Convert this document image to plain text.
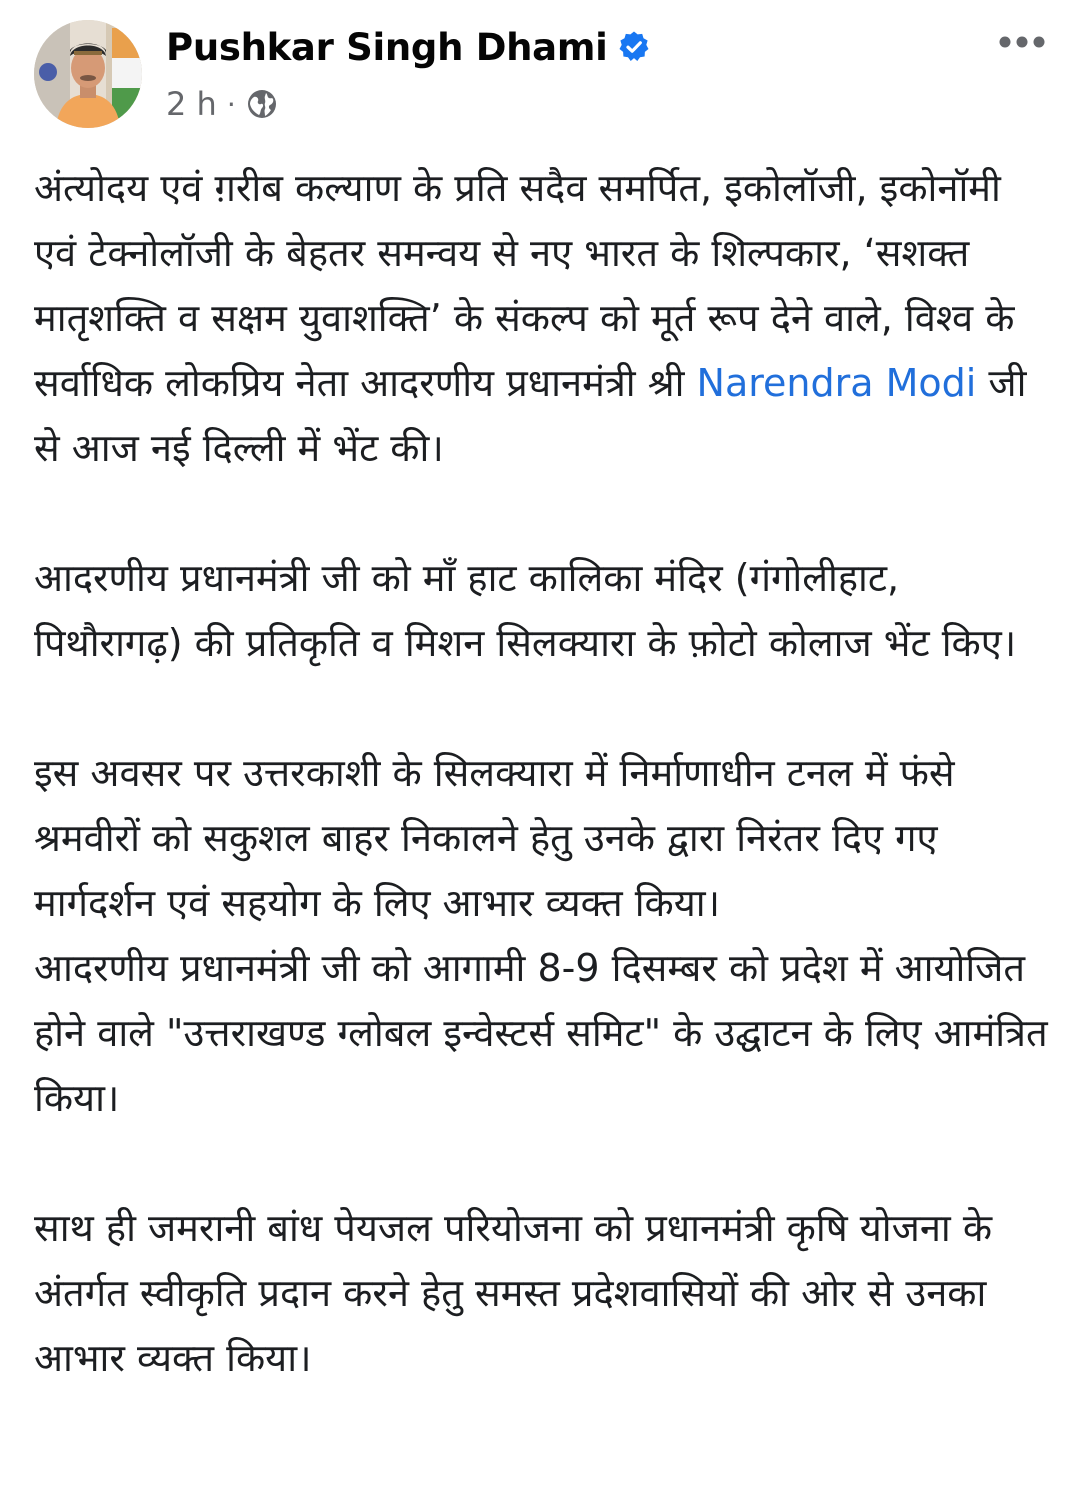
Pushkar Singh Dhami
2 h ·

अंत्योदय एवं ग़रीब कल्याण के प्रति सदैव समर्पित, इकोलॉजी, इकोनॉमी एवं टेक्नोलॉजी के बेहतर समन्वय से नए भारत के शिल्पकार, ‘सशक्त मातृशक्ति व सक्षम युवाशक्ति’ के संकल्प को मूर्त रूप देने वाले, विश्व के सर्वाधिक लोकप्रिय नेता आदरणीय प्रधानमंत्री श्री Narendra Modi जी से आज नई दिल्ली में भेंट की।

आदरणीय प्रधानमंत्री जी को माँ हाट कालिका मंदिर (गंगोलीहाट, पिथौरागढ़) की प्रतिकृति व मिशन सिलक्यारा के फ़ोटो कोलाज भेंट किए।

इस अवसर पर उत्तरकाशी के सिलक्यारा में निर्माणाधीन टनल में फंसे श्रमवीरों को सकुशल बाहर निकालने हेतु उनके द्वारा निरंतर दिए गए मार्गदर्शन एवं सहयोग के लिए आभार व्यक्त किया।
आदरणीय प्रधानमंत्री जी को आगामी 8-9 दिसम्बर को प्रदेश में आयोजित होने वाले "उत्तराखण्ड ग्लोबल इन्वेस्टर्स समिट" के उद्घाटन के लिए आमंत्रित किया।

साथ ही जमरानी बांध पेयजल परियोजना को प्रधानमंत्री कृषि योजना के अंतर्गत स्वीकृति प्रदान करने हेतु समस्त प्रदेशवासियों की ओर से उनका आभार व्यक्त किया।
